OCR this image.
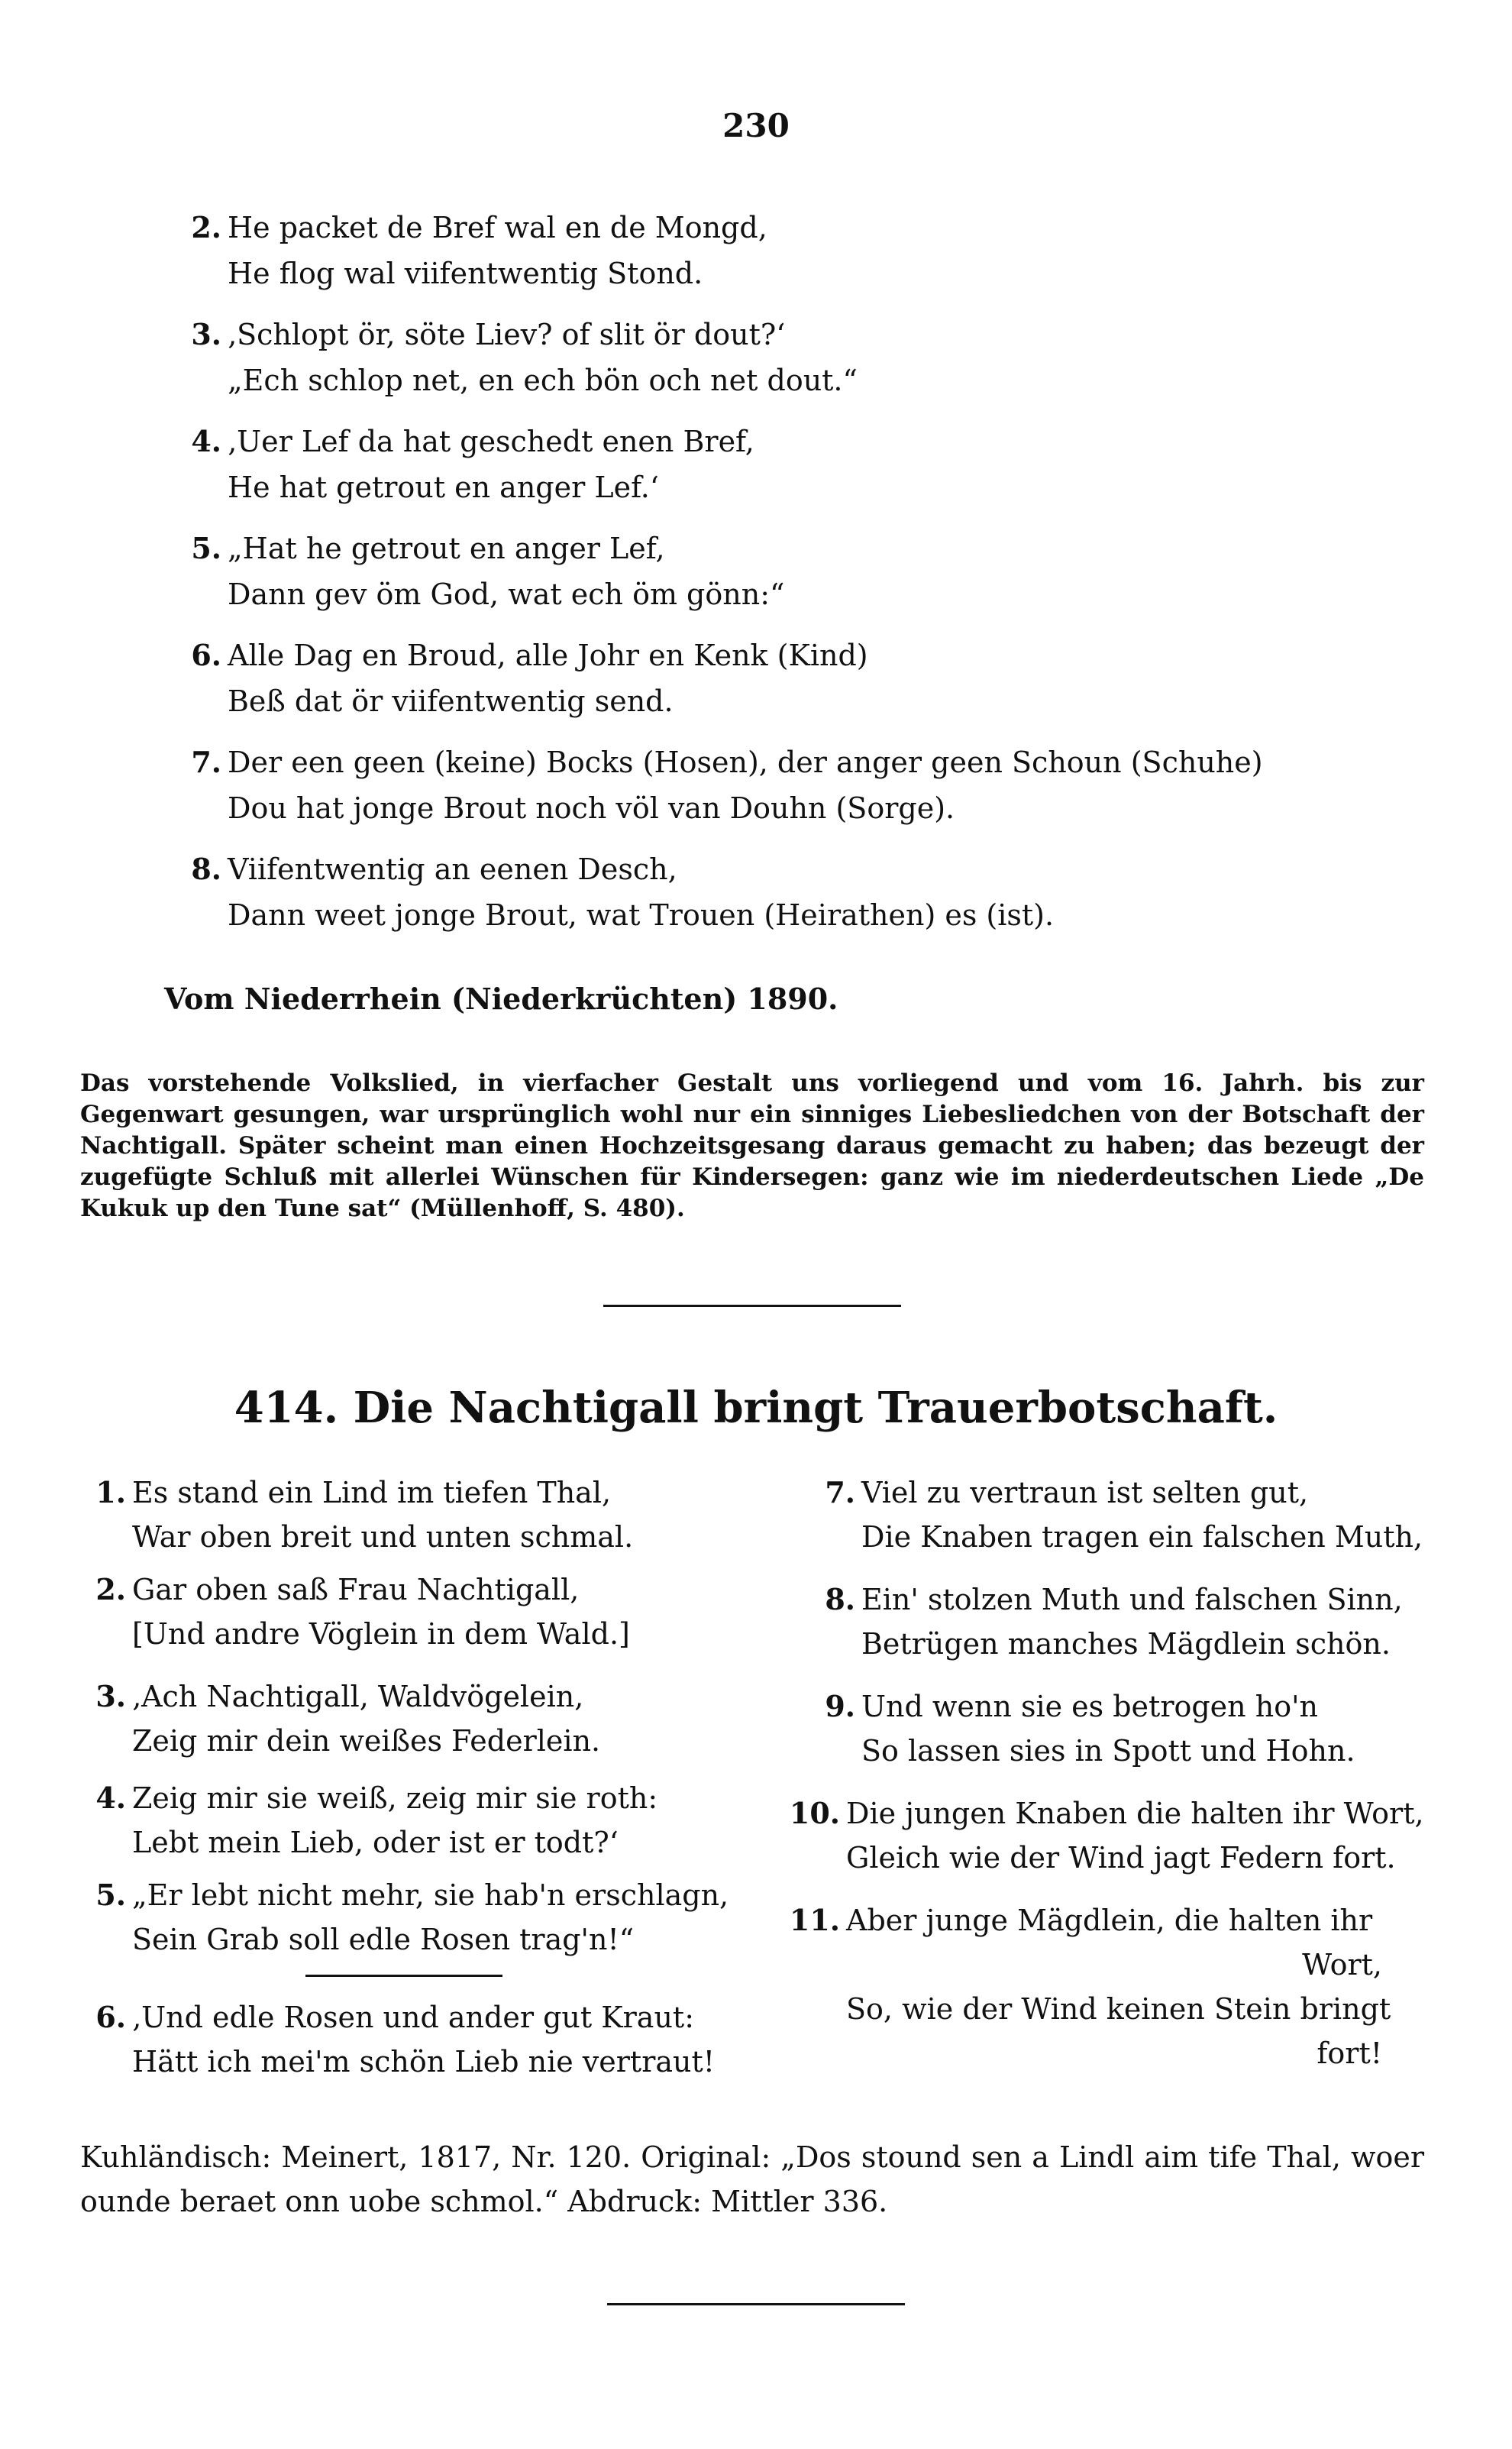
230
2. He packet de Bref wal en de Mongd,
He flog wal viifentwentig Stond.
3. ‚Schlopt ör, söte Liev? of slit ör dout?‘
„Ech schlop net, en ech bön och net dout.“
4. ‚Uer Lef da hat geschedt enen Bref,
He hat getrout en anger Lef.‘
5. „Hat he getrout en anger Lef,
Dann gev öm God, wat ech öm gönn:“
6. Alle Dag en Broud, alle Johr en Kenk (Kind)
Beß dat ör viifentwentig send.
7. Der een geen (keine) Bocks (Hosen), der anger geen Schoun (Schuhe)
Dou hat jonge Brout noch völ van Douhn (Sorge).
8. Viifentwentig an eenen Desch,
Dann weet jonge Brout, wat Trouen (Heirathen) es (ist).
Vom Niederrhein (Niederkrüchten) 1890.
Das vorstehende Volkslied, in vierfacher Gestalt uns vorliegend und vom 16. Jahrh. bis zur Gegenwart gesungen, war ursprünglich wohl nur ein sinniges Liebesliedchen von der Botschaft der Nachtigall. Später scheint man einen Hochzeitsgesang daraus gemacht zu haben; das bezeugt der zugefügte Schluß mit allerlei Wünschen für Kindersegen: ganz wie im niederdeutschen Liede „De Kukuk up den Tune sat“ (Müllenhoff, S. 480).
414. Die Nachtigall bringt Trauerbotschaft.
1. Es stand ein Lind im tiefen Thal,
War oben breit und unten schmal.
2. Gar oben saß Frau Nachtigall,
[Und andre Vöglein in dem Wald.]
3. ‚Ach Nachtigall, Waldvögelein,
Zeig mir dein weißes Federlein.
4. Zeig mir sie weiß, zeig mir sie roth:
Lebt mein Lieb, oder ist er todt?‘
5. „Er lebt nicht mehr, sie hab'n erschlagn,
Sein Grab soll edle Rosen trag'n!“
6. ‚Und edle Rosen und ander gut Kraut:
Hätt ich mei'm schön Lieb nie vertraut!
7. Viel zu vertraun ist selten gut,
Die Knaben tragen ein falschen Muth,
8. Ein' stolzen Muth und falschen Sinn,
Betrügen manches Mägdlein schön.
9. Und wenn sie es betrogen ho'n
So lassen sies in Spott und Hohn.
10. Die jungen Knaben die halten ihr Wort,
Gleich wie der Wind jagt Federn fort.
11. Aber junge Mägdlein, die halten ihr
Wort,
So, wie der Wind keinen Stein bringt
fort!
Kuhländisch: Meinert, 1817, Nr. 120. Original: „Dos stound sen a Lindl aim tife Thal, woer ounde beraet onn uobe schmol.“ Abdruck: Mittler 336.
